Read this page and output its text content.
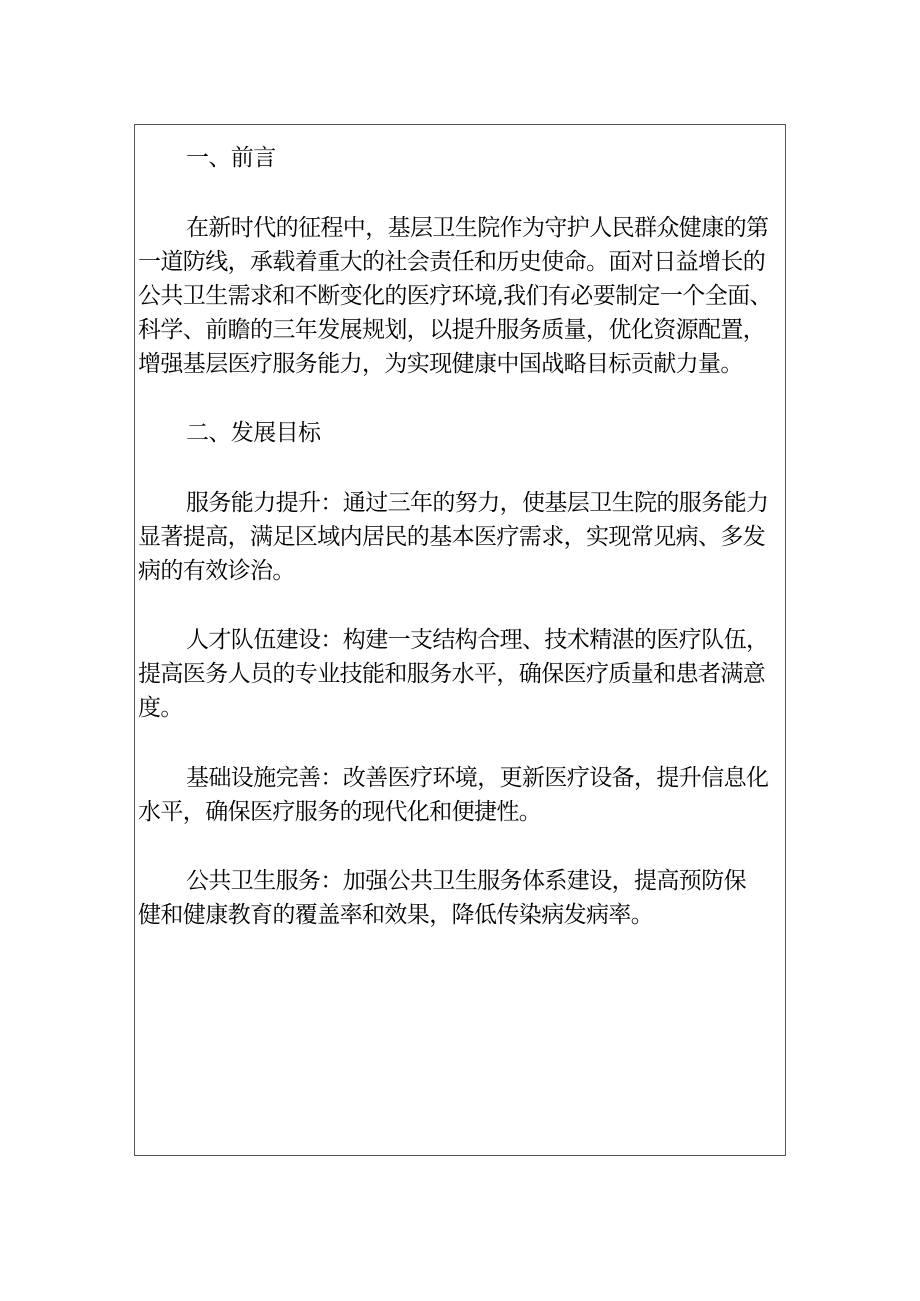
一、前言
在新时代的征程中，基层卫生院作为守护人民群众健康的第
一道防线，承载着重大的社会责任和历史使命。面对日益增长的
公共卫生需求和不断变化的医疗环境,我们有必要制定一个全面、
科学、前瞻的三年发展规划，以提升服务质量，优化资源配置，
增强基层医疗服务能力，为实现健康中国战略目标贡献力量。
二、发展目标
服务能力提升：通过三年的努力，使基层卫生院的服务能力
显著提高，满足区域内居民的基本医疗需求，实现常见病、多发
病的有效诊治。
人才队伍建设：构建一支结构合理、技术精湛的医疗队伍，
提高医务人员的专业技能和服务水平，确保医疗质量和患者满意
度。
基础设施完善：改善医疗环境，更新医疗设备，提升信息化
水平，确保医疗服务的现代化和便捷性。
公共卫生服务：加强公共卫生服务体系建设，提高预防保
健和健康教育的覆盖率和效果，降低传染病发病率。
